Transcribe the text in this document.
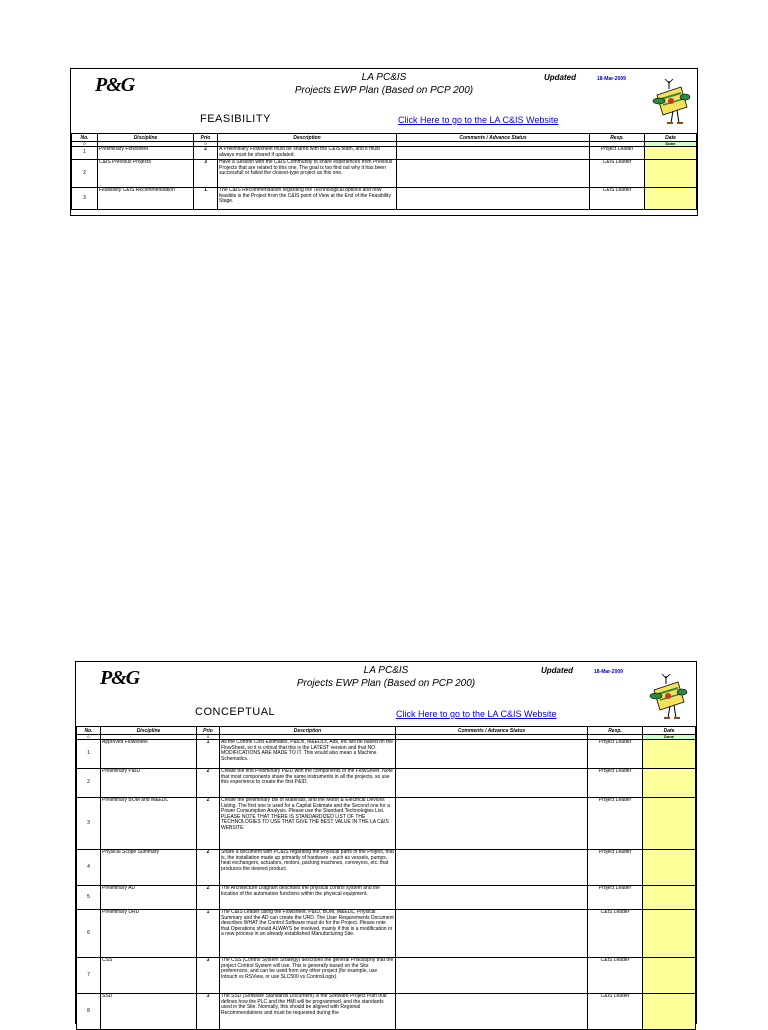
P&G	LA PC&IS
Projects EWP Plan (Based on PCP 200)
Updated	18-Mar-2009
FEASIBILITY	Click Here to go to the LA C&IS Website
No.	Discipline	Prio	Description	Comments / Advance Status	Resp.	Date
0		0				Done
1	Preliminary Flowsheet	2	A Preliminary Flowsheet must be shared with the C&IS team, and it must always must be shared if updated.		Project Leader	
2	C&IS Previous Projects	3	Have a Session with the C&IS Community to share experiences from Previous Projects that are related to this one. The goal is too find out why it has been successfull or failed the closest-type project as this one.		C&IS Leader	
3	Feasibility C&IS Recommendation	1	The C&IS Recommendation regarding the Technological options and how feasible is the Project from the C&IS point of View at the End of the Feasibility Stage.		C&IS Leader	
P&G	LA PC&IS
Projects EWP Plan (Based on PCP 200)
Updated	18-Mar-2009
CONCEPTUAL	Click Here to go to the LA C&IS Website
No.	Discipline	Prio	Description	Comments / Advance Status	Resp.	Date
0		0				Done
1	Approved Flowsheet	1	All the Control Cost Estimates, P&IDs, M&EDLs, Ads, etc will be based on the FlowSheet, so it is critical that this is the LATEST version and that NO MODIFICATIONS ARE MADE TO IT. This would also mean a Machine Schematics.		Project Leader	
2	Preliminary P&ID	2	Create the first Preliminary P&ID with the components of the FlowSheet. Note that most components share the same instruments in all the projects, so use this experience to create the first P&ID.		Project Leader	
3	Preliminary BOM and M&EDL	2	Create the preliminary Bill of Materials, and the Motor & Electrical Devices Listing. The first one is used for a Capital Estimate and the Second one for a Power Consumption Analysis. Please use the Standard Technologies List. PLEASE NOTE THAT THERE IS STANDARDIZED LIST OF THE TECHNOLOGIES TO USE THAT GIVE THE BEST VALUE IN THE LA C&IS WEBSITE		Project Leader	
4	Physical Scope Summary	2	Share a document with PC&IS regarding the Physical parts of the Project, that is, the installation made up primarily of hardware - such as vessels, pumps, heat exchangers, actuators, motors, packing machines, conveyors, etc. that produces the desired product.		Project Leader	
5	Preliminary AD	2	The Architecture Diagram describes the physical control system and the location of the automation functions within the physical equipment.		Project Leader	
6	Preliminary URD	1	The C&IS Leader using the Flowsheet, P&ID, BOM, M&EDL, Physical Summary and the AD can create the URD. The User Requirements Document describes WHAT the Control Software must do for the Project. Please note that Operations should ALWAYS be involved, mainly if this is a modification or a new process in an already established Manufacturing Site.		C&IS Leader	
7	CSS	3	The CSS (Control System Strategy) describes the general Philosophy that the project Control System will use. This is generally based on the Site preferences, and can be used from any other project (for example, use Intouch vs RSView, or use SLC500 vs ControlLogix).		C&IS Leader	
8	SSD	3	The SSD (Software Standards Document) is the Software Project Plan that defines how the PLC and the HMI will be programmed, and the standards used in the Site. Normally, this should be aligned with Regional Recommendations and must be requested during the		C&IS Leader	
